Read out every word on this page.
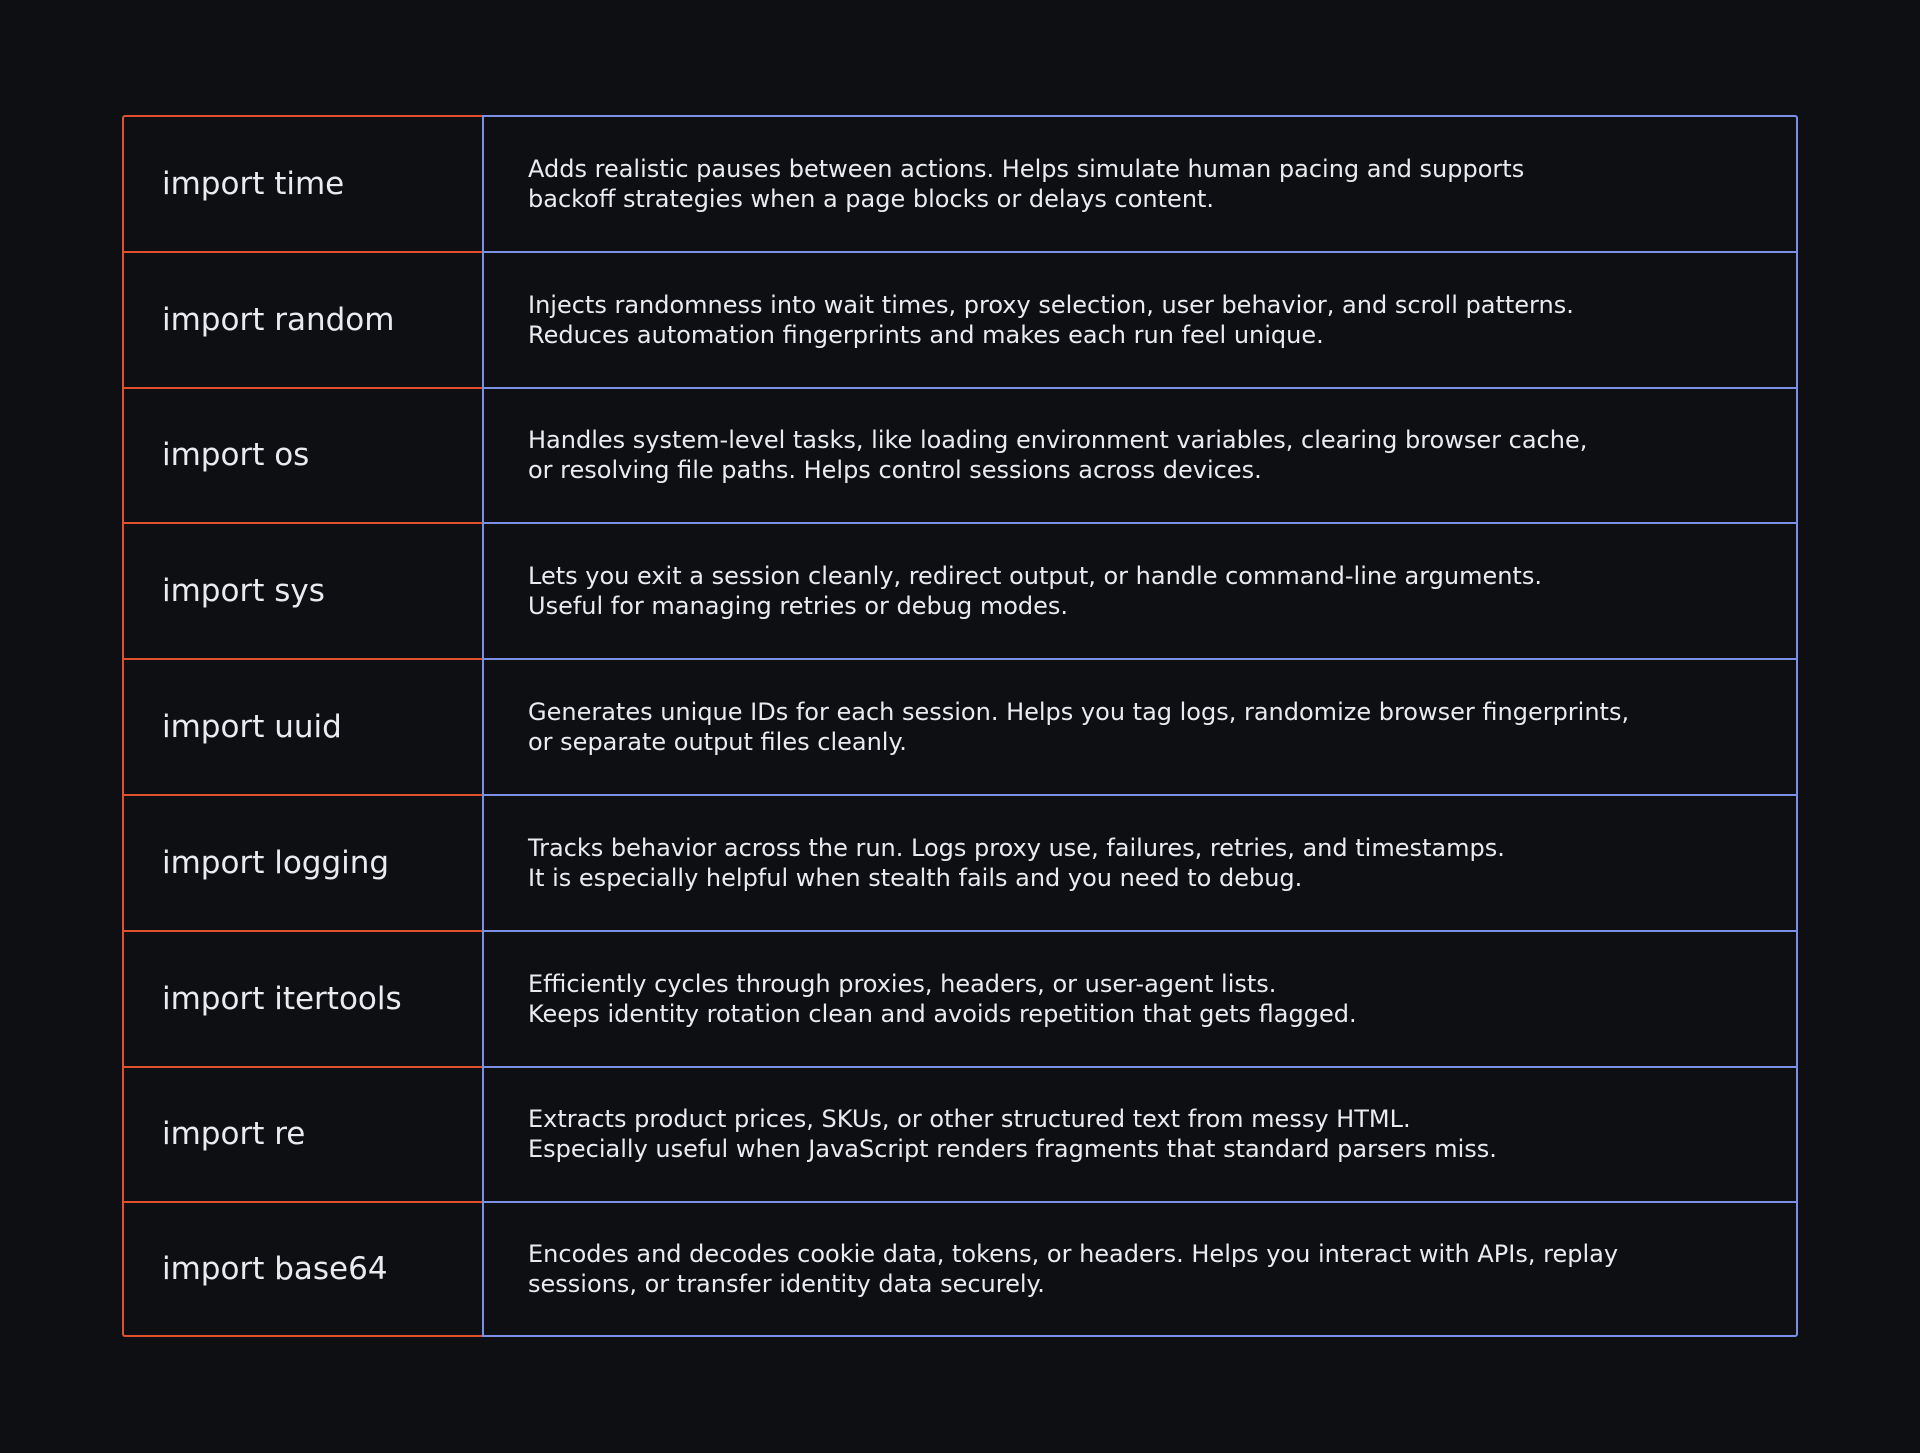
import time
import random
import os
import sys
import uuid
import logging
import itertools
import re
import base64
Adds realistic pauses between actions. Helps simulate human pacing and supports
backoff strategies when a page blocks or delays content.
Injects randomness into wait times, proxy selection, user behavior, and scroll patterns.
Reduces automation fingerprints and makes each run feel unique.
Handles system-level tasks, like loading environment variables, clearing browser cache,
or resolving file paths. Helps control sessions across devices.
Lets you exit a session cleanly, redirect output, or handle command-line arguments.
Useful for managing retries or debug modes.
Generates unique IDs for each session. Helps you tag logs, randomize browser fingerprints,
or separate output files cleanly.
Tracks behavior across the run. Logs proxy use, failures, retries, and timestamps.
It is especially helpful when stealth fails and you need to debug.
Efficiently cycles through proxies, headers, or user-agent lists.
Keeps identity rotation clean and avoids repetition that gets flagged.
Extracts product prices, SKUs, or other structured text from messy HTML.
Especially useful when JavaScript renders fragments that standard parsers miss.
Encodes and decodes cookie data, tokens, or headers. Helps you interact with APIs, replay
sessions, or transfer identity data securely.
